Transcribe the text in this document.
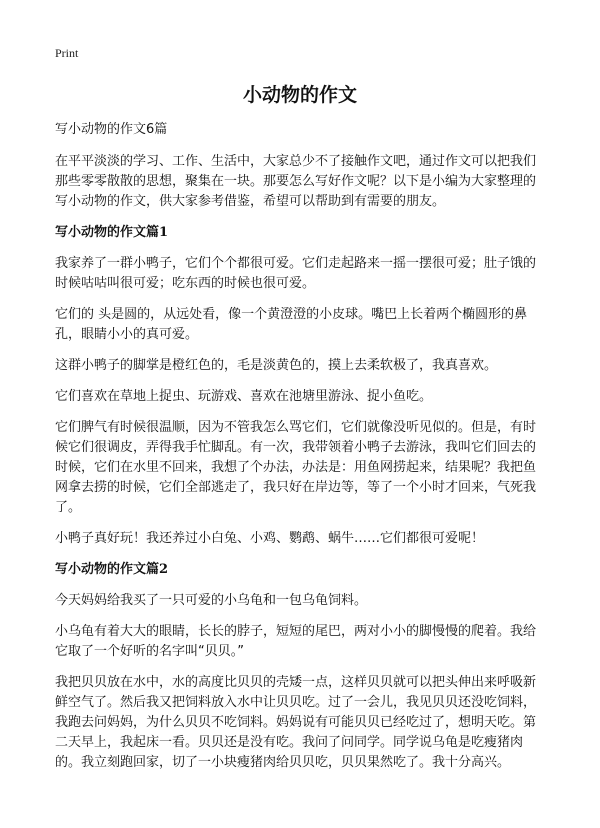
Print
小动物的作文
写小动物的作文6篇

在平平淡淡的学习、工作、生活中，大家总少不了接触作文吧，通过作文可以把我们那些零零散散的思想，聚集在一块。那要怎么写好作文呢？以下是小编为大家整理的写小动物的作文，供大家参考借鉴，希望可以帮助到有需要的朋友。

写小动物的作文篇1

我家养了一群小鸭子，它们个个都很可爱。它们走起路来一摇一摆很可爱；肚子饿的时候咕咕叫很可爱；吃东西的时候也很可爱。

它们的 头是圆的，从远处看，像一个黄澄澄的小皮球。嘴巴上长着两个椭圆形的鼻孔，眼睛小小的真可爱。

这群小鸭子的脚掌是橙红色的，毛是淡黄色的，摸上去柔软极了，我真喜欢。

它们喜欢在草地上捉虫、玩游戏、喜欢在池塘里游泳、捉小鱼吃。

它们脾气有时候很温顺，因为不管我怎么骂它们，它们就像没听见似的。但是，有时候它们很调皮，弄得我手忙脚乱。有一次，我带领着小鸭子去游泳，我叫它们回去的时候，它们在水里不回来，我想了个办法，办法是：用鱼网捞起来，结果呢？我把鱼网拿去捞的时候，它们全部逃走了，我只好在岸边等，等了一个小时才回来，气死我了。

小鸭子真好玩！我还养过小白兔、小鸡、鹦鹉、蜗牛……它们都很可爱呢！

写小动物的作文篇2

今天妈妈给我买了一只可爱的小乌龟和一包乌龟饲料。

小乌龟有着大大的眼睛，长长的脖子，短短的尾巴，两对小小的脚慢慢的爬着。我给它取了一个好听的名字叫“贝贝。”

我把贝贝放在水中，水的高度比贝贝的壳矮一点，这样贝贝就可以把头伸出来呼吸新鲜空气了。然后我又把饲料放入水中让贝贝吃。过了一会儿，我见贝贝还没吃饲料，我跑去问妈妈，为什么贝贝不吃饲料。妈妈说有可能贝贝已经吃过了，想明天吃。第二天早上，我起床一看。贝贝还是没有吃。我问了问同学。同学说乌龟是吃瘦猪肉的。我立刻跑回家，切了一小块瘦猪肉给贝贝吃，贝贝果然吃了。我十分高兴。
